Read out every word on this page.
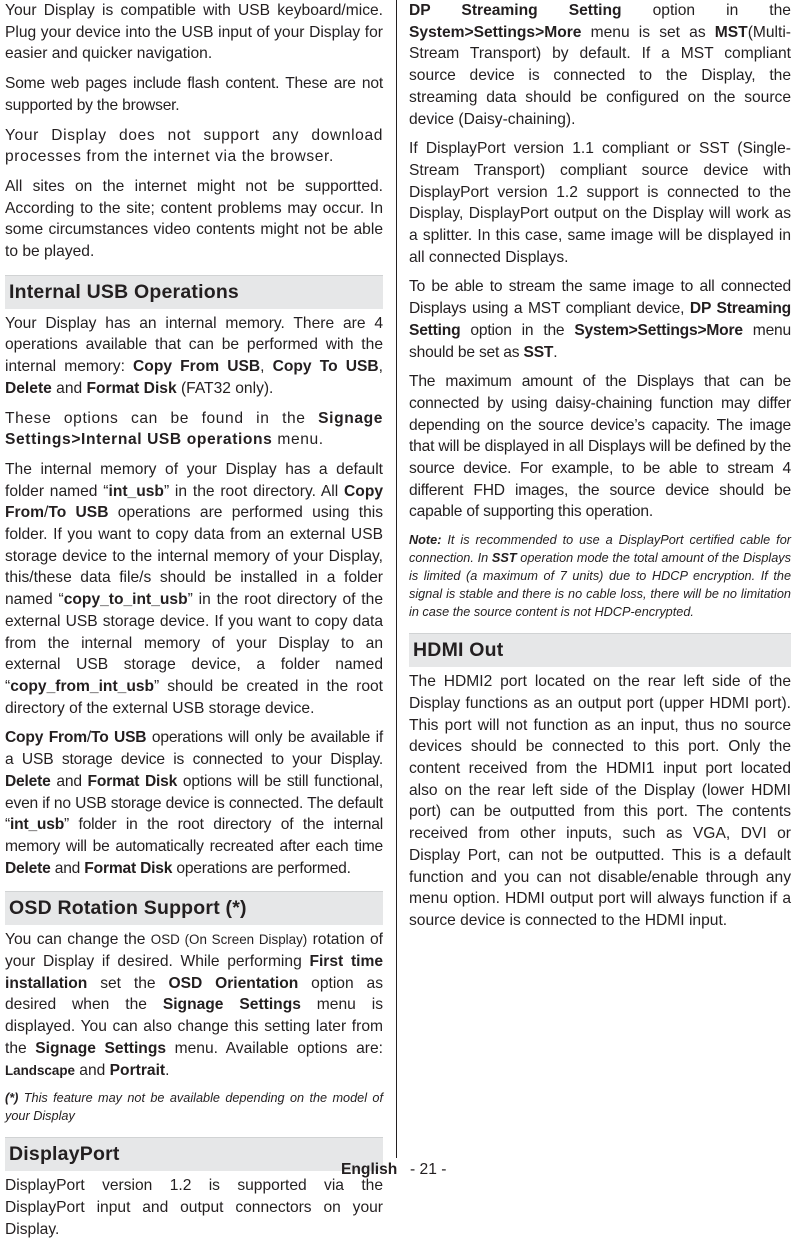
Your Display is compatible with USB keyboard/mice. Plug your device into the USB input of your Display for easier and quicker navigation.

Some web pages include flash content. These are not supported by the browser.

Your Display does not support any download processes from the internet via the browser.

All sites on the internet might not be supportted. According to the site; content problems may occur. In some circumstances video contents might not be able to be played.

Internal USB Operations

Your Display has an internal memory. There are 4 operations available that can be performed with the internal memory: Copy From USB, Copy To USB, Delete and Format Disk (FAT32 only).

These options can be found in the Signage Settings>Internal USB operations menu.

The internal memory of your Display has a default folder named “int_usb” in the root directory. All Copy From/To USB operations are performed using this folder. If you want to copy data from an external USB storage device to the internal memory of your Display, this/these data file/s should be installed in a folder named “copy_to_int_usb” in the root directory of the external USB storage device. If you want to copy data from the internal memory of your Display to an external USB storage device, a folder named “copy_from_int_usb” should be created in the root directory of the external USB storage device.

Copy From/To USB operations will only be available if a USB storage device is connected to your Display. Delete and Format Disk options will be still functional, even if no USB storage device is connected. The default “int_usb” folder in the root directory of the internal memory will be automatically recreated after each time Delete and Format Disk operations are performed.

OSD Rotation Support (*)

You can change the OSD (On Screen Display) rotation of your Display if desired. While performing First time installation set the OSD Orientation option as desired when the Signage Settings menu is displayed. You can also change this setting later from the Signage Settings menu. Available options are: Landscape and Portrait.

(*) This feature may not be available depending on the model of your Display

DisplayPort

DisplayPort version 1.2 is supported via the DisplayPort input and output connectors on your Display.

DP Streaming Setting option in the System>Settings>More menu is set as MST(Multi-Stream Transport) by default. If a MST compliant source device is connected to the Display, the streaming data should be configured on the source device (Daisy-chaining).

If DisplayPort version 1.1 compliant or SST (Single-Stream Transport) compliant source device with DisplayPort version 1.2 support is connected to the Display, DisplayPort output on the Display will work as a splitter. In this case, same image will be displayed in all connected Displays.

To be able to stream the same image to all connected Displays using a MST compliant device, DP Streaming Setting option in the System>Settings>More menu should be set as SST.

The maximum amount of the Displays that can be connected by using daisy-chaining function may differ depending on the source device’s capacity. The image that will be displayed in all Displays will be defined by the source device. For example, to be able to stream 4 different FHD images, the source device should be capable of supporting this operation.

Note: It is recommended to use a DisplayPort certified cable for connection. In SST operation mode the total amount of the Displays is limited (a maximum of 7 units) due to HDCP encryption. If the signal is stable and there is no cable loss, there will be no limitation in case the source content is not HDCP-encrypted.

HDMI Out

The HDMI2 port located on the rear left side of the Display functions as an output port (upper HDMI port). This port will not function as an input, thus no source devices should be connected to this port. Only the content received from the HDMI1 input port located also on the rear left side of the Display (lower HDMI port) can be outputted from this port. The contents received from other inputs, such as VGA, DVI or Display Port, can not be outputted. This is a default function and you can not disable/enable through any menu option. HDMI output port will always function if a source device is connected to the HDMI input.

English - 21 -
